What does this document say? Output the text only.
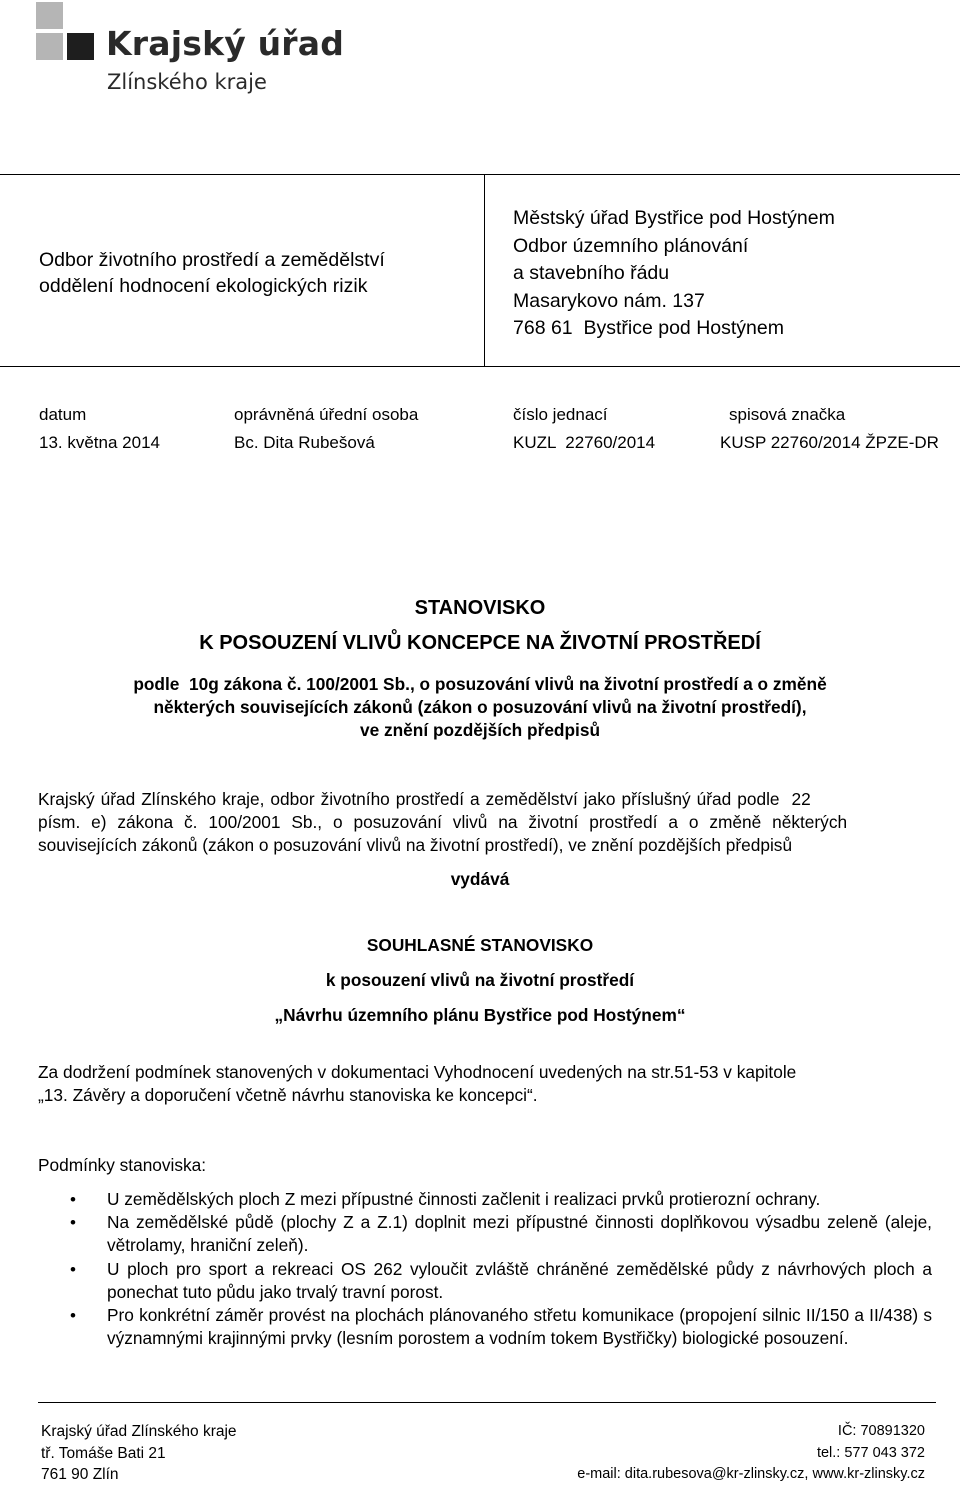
Krajský úřad
Zlínského kraje
Odbor životního prostředí a zemědělství
oddělení hodnocení ekologických rizik
Městský úřad Bystřice pod Hostýnem
Odbor územního plánování
a stavebního řádu
Masarykovo nám. 137
768 61  Bystřice pod Hostýnem
datum	oprávněná úřední osoba	číslo jednací	spisová značka
13. května 2014	Bc. Dita Rubešová	KUZL  22760/2014	KUSP 22760/2014 ŽPZE-DR
STANOVISKO
K POSOUZENÍ VLIVŮ KONCEPCE NA ŽIVOTNÍ PROSTŘEDÍ
podle  10g zákona č. 100/2001 Sb., o posuzování vlivů na životní prostředí a o změně
některých souvisejících zákonů (zákon o posuzování vlivů na životní prostředí),
ve znění pozdějších předpisů
Krajský úřad Zlínského kraje, odbor životního prostředí a zemědělství jako příslušný úřad podle  22
písm. e) zákona č. 100/2001 Sb., o posuzování vlivů na životní prostředí a o změně některých
souvisejících zákonů (zákon o posuzování vlivů na životní prostředí), ve znění pozdějších předpisů
vydává
SOUHLASNÉ STANOVISKO
k posouzení vlivů na životní prostředí
„Návrhu územního plánu Bystřice pod Hostýnem“
Za dodržení podmínek stanovených v dokumentaci Vyhodnocení uvedených na str.51-53 v kapitole
„13. Závěry a doporučení včetně návrhu stanoviska ke koncepci“.
Podmínky stanoviska:
• U zemědělských ploch Z mezi přípustné činnosti začlenit i realizaci prvků protierozní ochrany.
• Na zemědělské půdě (plochy Z a Z.1) doplnit mezi přípustné činnosti doplňkovou výsadbu zeleně (aleje, větrolamy, hraniční zeleň).
• U ploch pro sport a rekreaci OS 262 vyloučit zvláště chráněné zemědělské půdy z návrhových ploch a ponechat tuto půdu jako trvalý travní porost.
• Pro konkrétní záměr provést na plochách plánovaného střetu komunikace (propojení silnic II/150 a II/438) s významnými krajinnými prvky (lesním porostem a vodním tokem Bystřičky) biologické posouzení.
Krajský úřad Zlínského kraje
tř. Tomáše Bati 21
761 90 Zlín
IČ: 70891320
tel.: 577 043 372
e-mail: dita.rubesova@kr-zlinsky.cz, www.kr-zlinsky.cz
